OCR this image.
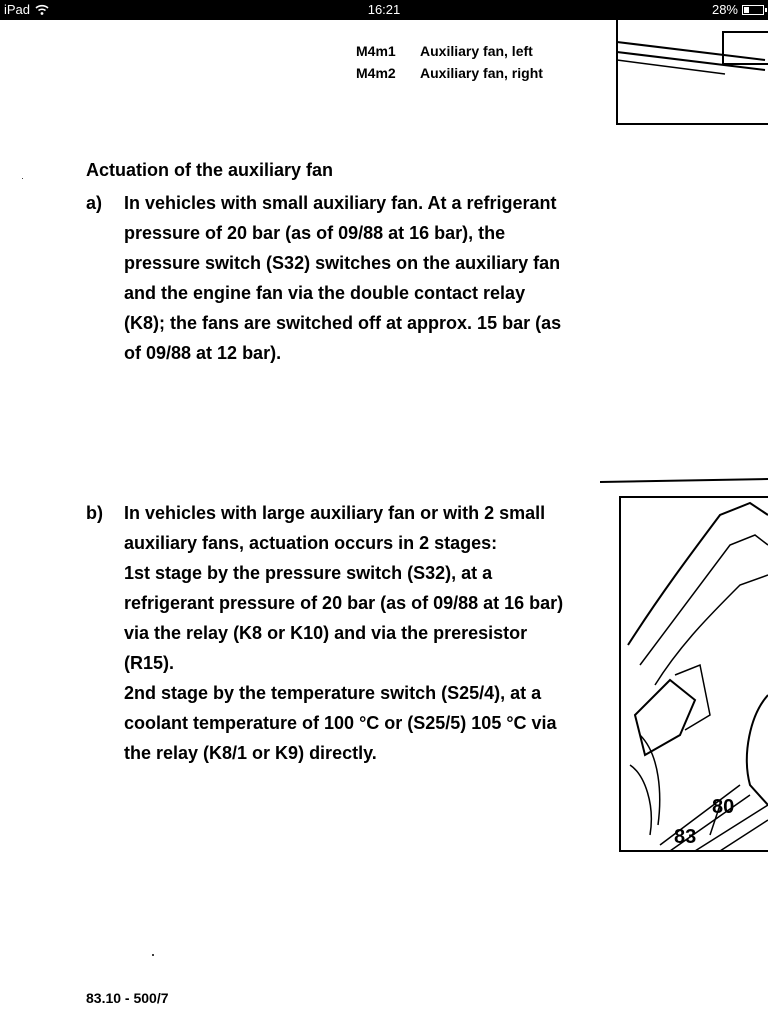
iPad	16:21	28%
M4m1	Auxiliary fan, left
M4m2	Auxiliary fan, right
Actuation of the auxiliary fan
a) In vehicles with small auxiliary fan. At a refrigerant pressure of 20 bar (as of 09/88 at 16 bar), the pressure switch (S32) switches on the auxiliary fan and the engine fan via the double contact relay (K8); the fans are switched off at approx. 15 bar (as of 09/88 at 12 bar).

80
83
b) In vehicles with large auxiliary fan or with 2 small auxiliary fans, actuation occurs in 2 stages:

1st stage by the pressure switch (S32), at a refrigerant pressure of 20 bar (as of 09/88 at 16 bar) via the relay (K8 or K10) and via the preresistor (R15).

2nd stage by the temperature switch (S25/4), at a coolant temperature of 100 °C or (S25/5) 105 °C via the relay (K8/1 or K9) directly.

83.10 - 500/7
